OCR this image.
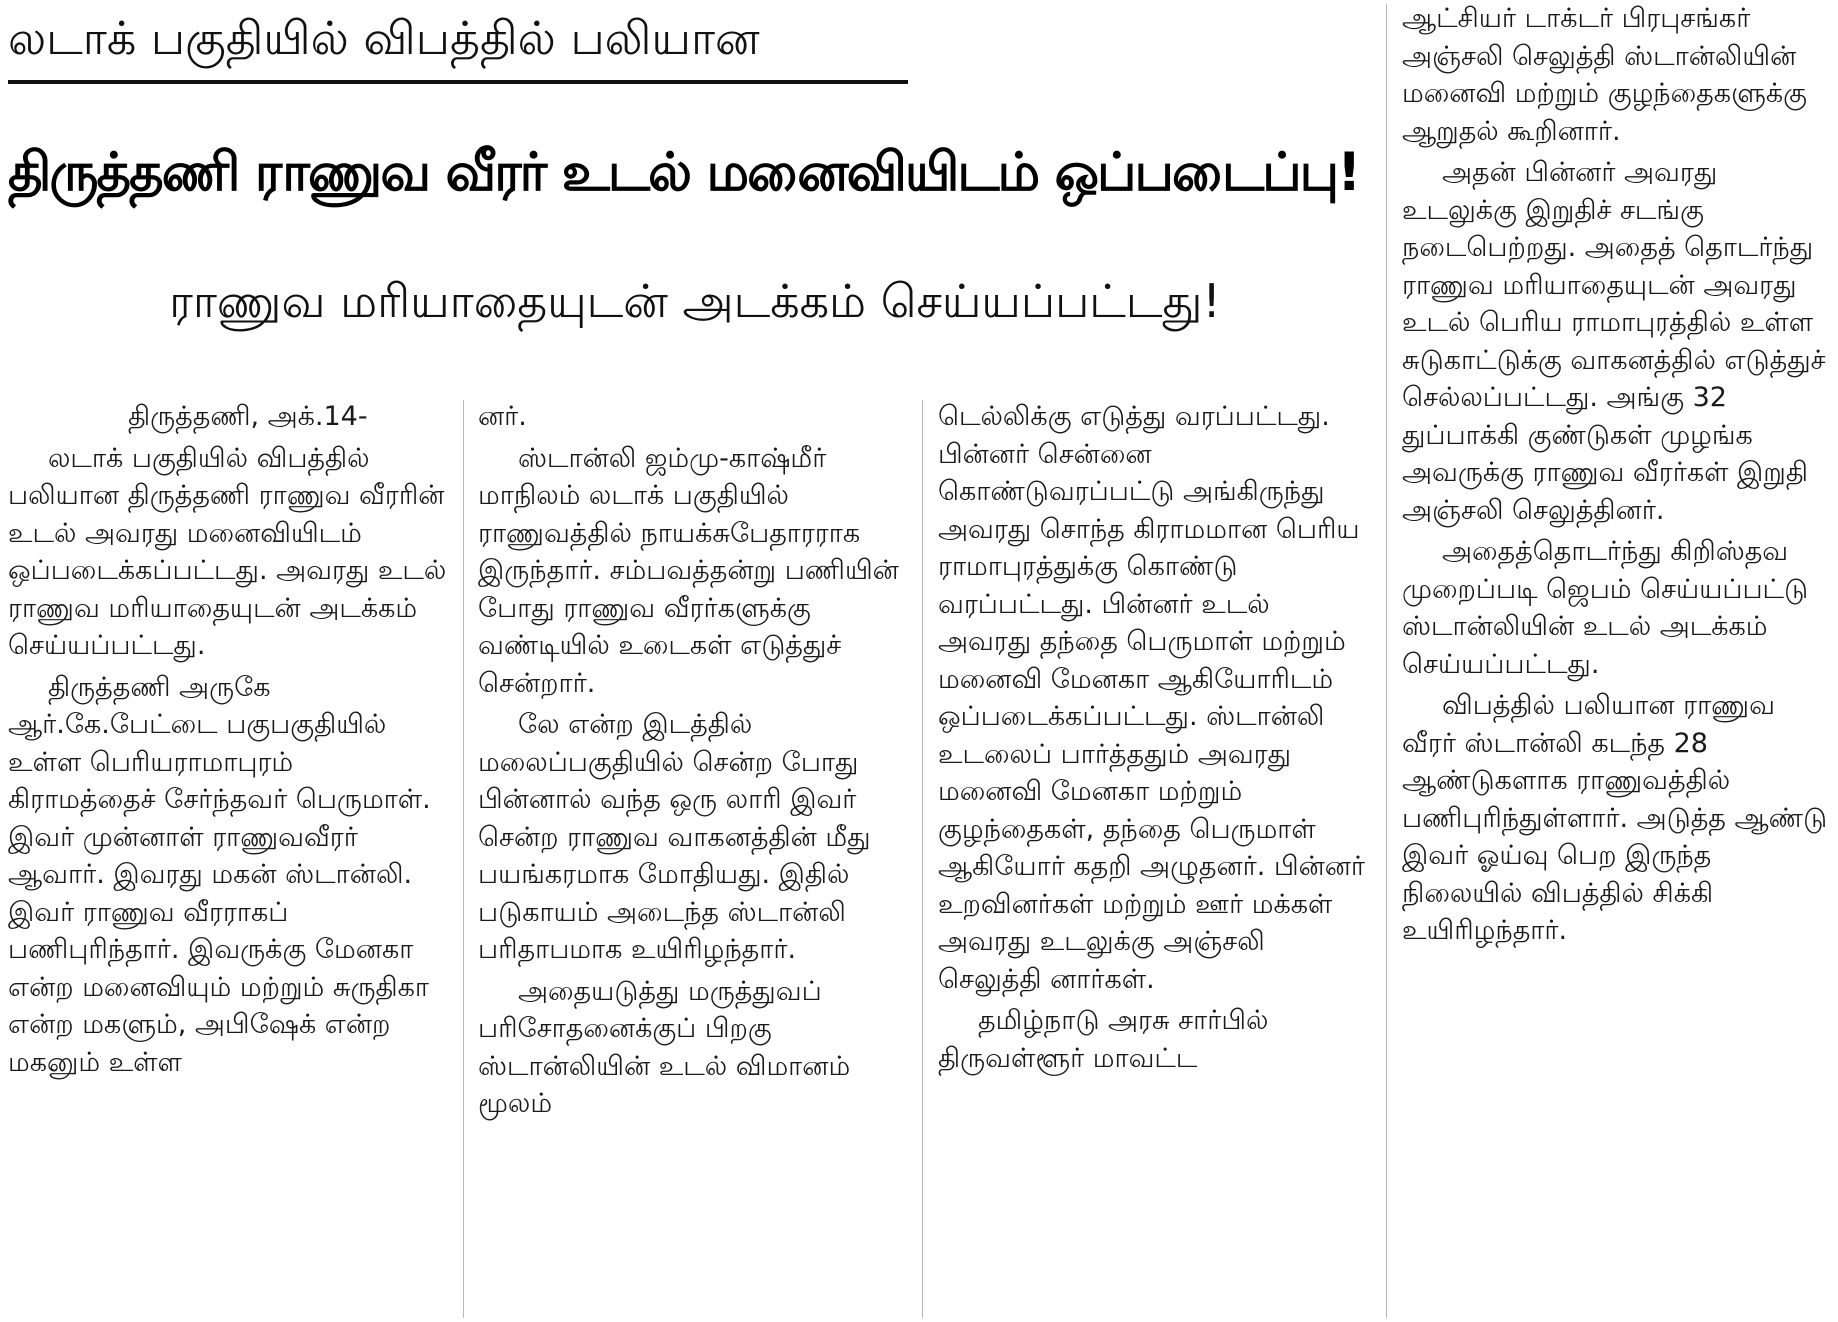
லடாக் பகுதியில் விபத்தில் பலியான
திருத்தணி ராணுவ வீரர் உடல் மனைவியிடம் ஒப்படைப்பு!
ராணுவ மரியாதையுடன் அடக்கம் செய்யப்பட்டது!

திருத்தணி, அக்.14-

லடாக் பகுதியில் விபத்தில் பலியான திருத்தணி ராணுவ வீரரின் உடல் அவரது மனைவியிடம் ஒப்படைக்கப்பட்டது. அவரது உடல் ராணுவ மரியாதையுடன் அடக்கம் செய்யப்பட்டது.

திருத்தணி அருகே ஆர்.கே.பேட்டை பகுபகுதியில் உள்ள பெரியராமாபுரம் கிராமத்தைச் சேர்ந்தவர் பெருமாள். இவர் முன்னாள் ராணுவவீரர் ஆவார். இவரது மகன் ஸ்டான்லி. இவர் ராணுவ வீரராகப் பணிபுரிந்தார். இவருக்கு மேனகா என்ற மனைவியும் மற்றும் சுருதிகா என்ற மகளும், அபிஷேக் என்ற மகனும் உள்ள

னர்.

ஸ்டான்லி ஜம்மு-காஷ்மீர் மாநிலம் லடாக் பகுதியில் ராணுவத்தில் நாயக்சுபேதாரராக இருந்தார். சம்பவத்தன்று பணியின் போது ராணுவ வீரர்களுக்கு வண்டியில் உடைகள் எடுத்துச் சென்றார்.

லே என்ற இடத்தில் மலைப்பகுதியில் சென்ற போது பின்னால் வந்த ஒரு லாரி இவர் சென்ற ராணுவ வாகனத்தின் மீது பயங்கரமாக மோதியது. இதில் படுகாயம் அடைந்த ஸ்டான்லி பரிதாபமாக உயிரிழந்தார்.

அதையடுத்து மருத்துவப் பரிசோதனைக்குப் பிறகு ஸ்டான்லியின் உடல் விமானம் மூலம்

டெல்லிக்கு எடுத்து வரப்பட்டது. பின்னர் சென்னை கொண்டுவரப்பட்டு அங்கிருந்து அவரது சொந்த கிராமமான பெரிய ராமாபுரத்துக்கு கொண்டு வரப்பட்டது. பின்னர் உடல் அவரது தந்தை பெருமாள் மற்றும் மனைவி மேனகா ஆகியோரிடம் ஒப்படைக்கப்பட்டது. ஸ்டான்லி உடலைப் பார்த்ததும் அவரது மனைவி மேனகா மற்றும் குழந்தைகள், தந்தை பெருமாள் ஆகியோர் கதறி அழுதனர். பின்னர் உறவினர்கள் மற்றும் ஊர் மக்கள் அவரது உடலுக்கு அஞ்சலி செலுத்தி னார்கள்.

தமிழ்நாடு அரசு சார்பில் திருவள்ளூர் மாவட்ட

ஆட்சியர் டாக்டர் பிரபுசங்கர் அஞ்சலி செலுத்தி ஸ்டான்லியின் மனைவி மற்றும் குழந்தைகளுக்கு ஆறுதல் கூறினார்.

அதன் பின்னர் அவரது உடலுக்கு இறுதிச் சடங்கு நடைபெற்றது. அதைத் தொடர்ந்து ராணுவ மரியாதையுடன் அவரது உடல் பெரிய ராமாபுரத்தில் உள்ள சுடுகாட்டுக்கு வாகனத்தில் எடுத்துச் செல்லப்பட்டது. அங்கு 32 துப்பாக்கி குண்டுகள் முழங்க அவருக்கு ராணுவ வீரர்கள் இறுதி அஞ்சலி செலுத்தினர்.

அதைத்தொடர்ந்து கிறிஸ்தவ முறைப்படி ஜெபம் செய்யப்பட்டு ஸ்டான்லியின் உடல் அடக்கம் செய்யப்பட்டது.

விபத்தில் பலியான ராணுவ வீரர் ஸ்டான்லி கடந்த 28 ஆண்டுகளாக ராணுவத்தில் பணிபுரிந்துள்ளார். அடுத்த ஆண்டு இவர் ஓய்வு பெற இருந்த நிலையில் விபத்தில் சிக்கி உயிரிழந்தார்.
